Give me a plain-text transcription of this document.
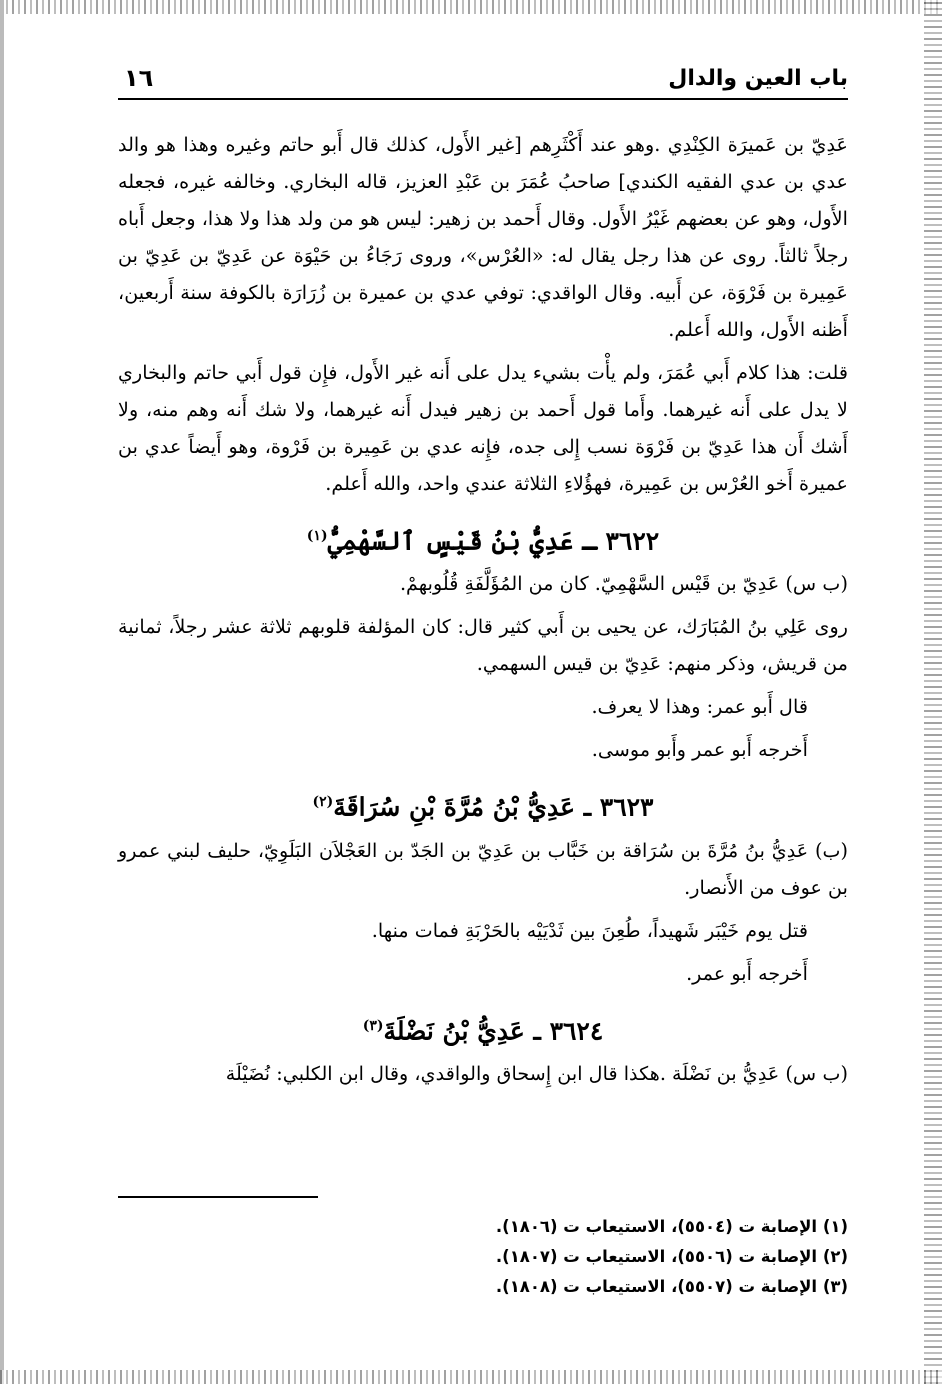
باب العين والدال
١٦

عَدِيّ بن عَميرَة الكِنْدِي .وهو عند أَكْثَرِهم [غير الأَول، كذلك قال أَبو حاتم وغيره وهذا هو والد عدي بن عدي الفقيه الكندي] صاحبُ عُمَرَ بن عَبْدِ العزيز، قاله البخاري. وخالفه غيره، فجعله الأَول، وهو عن بعضهم غَيْرُ الأَول. وقال أَحمد بن زهير: ليس هو من ولد هذا ولا هذا، وجعل أَباه رجلاً ثالثاً. روى عن هذا رجل يقال له: «العُرْس»، وروى رَجَاءُ بن حَيْوَة عن عَدِيّ بن عَدِيّ بن عَمِيرة بن فَرْوَة، عن أَبيه. وقال الواقدي: توفي عدي بن عميرة بن زُرَارَة بالكوفة سنة أَربعين، أَظنه الأَول، والله أَعلم.

قلت: هذا كلام أَبي عُمَرَ، ولم يأْت بشيء يدل على أَنه غير الأَول، فإِن قول أَبي حاتم والبخاري لا يدل على أَنه غيرهما. وأَما قول أَحمد بن زهير فيدل أَنه غيرهما، ولا شك أَنه وهم منه، ولا أَشك أَن هذا عَدِيّ بن فَرْوَة نسب إِلى جده، فإِنه عدي بن عَمِيرة بن فَرْوة، وهو أَيضاً عدي بن عميرة أَخو العُرْس بن عَمِيرة، فهؤُلاءِ الثلاثة عندي واحد، والله أَعلم.

٣٦٢٢ ـ عَدِيُّ بْنُ قَيْسٍ ٱلسَّهْمِيُّ$^{(١)}$

(ب س) عَدِيّ بن قَيْس السَّهْمِيّ. كان من المُؤَلَّفَةِ قُلُوبهمْ.

روى عَلِي بنُ المُبَارَك، عن يحيى بن أَبي كثير قال: كان المؤلفة قلوبهم ثلاثة عشر رجلاً، ثمانية من قريش، وذكر منهم: عَدِيّ بن قيس السهمي.

قال أَبو عمر: وهذا لا يعرف.

أَخرجه أَبو عمر وأَبو موسى.

٣٦٢٣ ـ عَدِيُّ بْنُ مُرَّةَ بْنِ سُرَاقَةَ$^{(٢)}$

(ب) عَدِيُّ بنُ مُرَّةَ بن سُرَاقة بن خَبَّاب بن عَدِيّ بن الجَدّ بن العَجْلاَن البَلَوِيّ، حليف لبني عمرو بن عوف من الأَنصار.

قتل يوم خَيْبَر شَهيداً، طُعِنَ بين ثَدْيَيْه بالحَرْبَةِ فمات منها.

أَخرجه أَبو عمر.

٣٦٢٤ ـ عَدِيُّ بْنُ نَضْلَةَ$^{(٣)}$

(ب س) عَدِيُّ بن نَضْلَة .هكذا قال ابن إِسحاق والواقدي، وقال ابن الكلبي: نُضَيْلَة

(١) الإصابة ت (٥٥٠٤)، الاستيعاب ت (١٨٠٦).

(٢) الإصابة ت (٥٥٠٦)، الاستيعاب ت (١٨٠٧).

(٣) الإصابة ت (٥٥٠٧)، الاستيعاب ت (١٨٠٨).
